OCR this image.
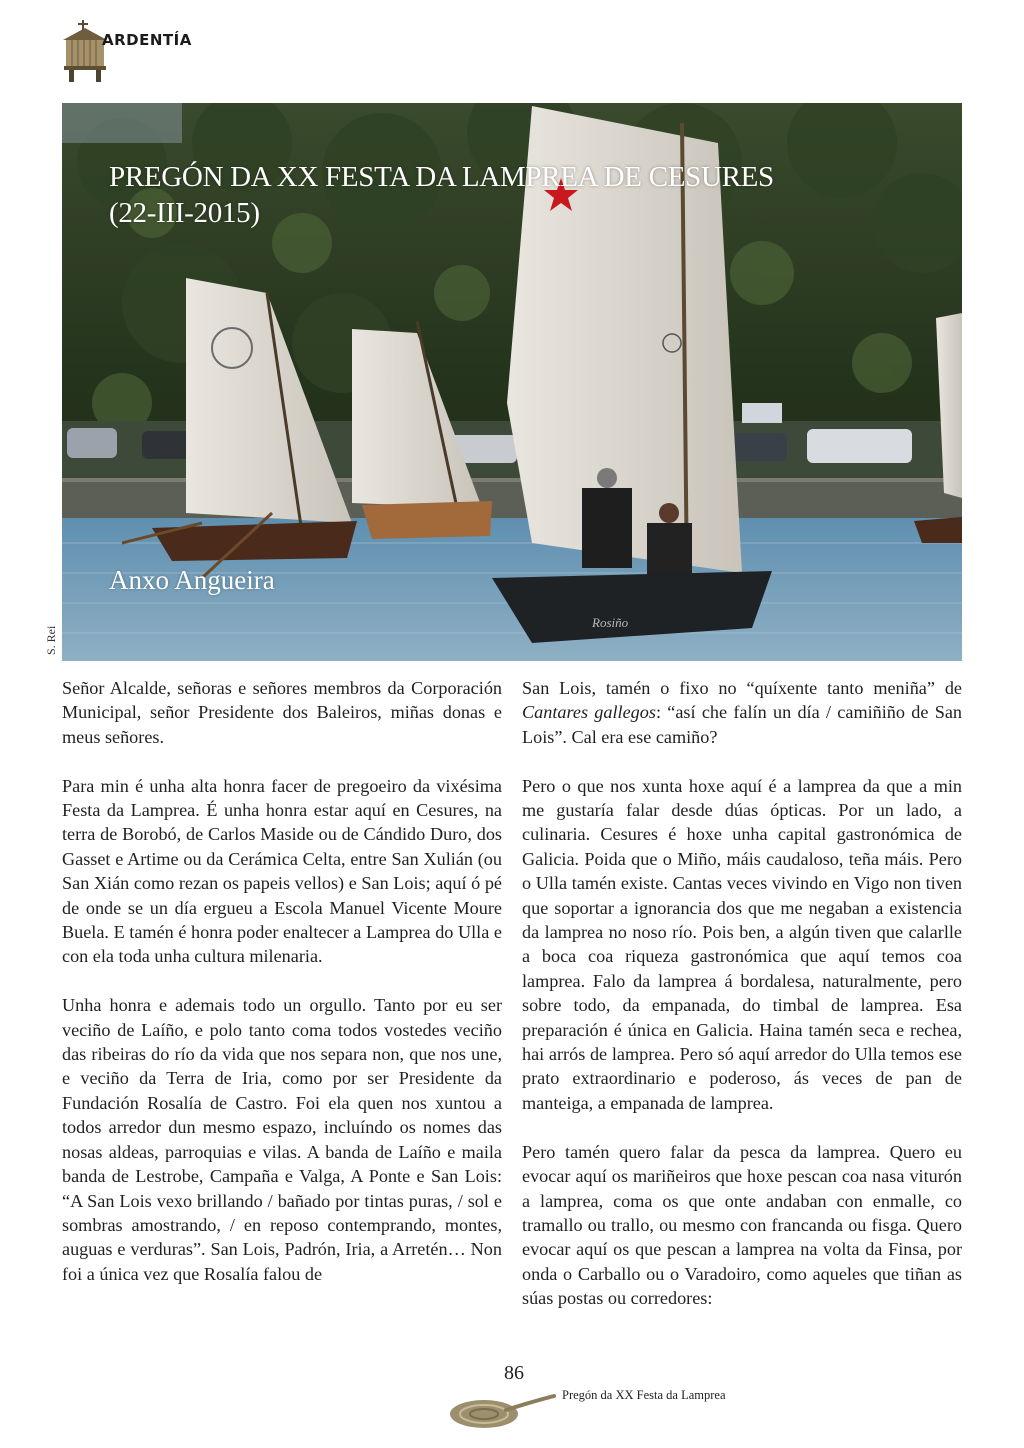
ARDENTÍA
Rosiño
PREGÓN DA XX FESTA DA LAMPREA DE CESURES
(22-III-2015)
Anxo Angueira
S. Rei

Señor Alcalde, señoras e señores membros da Corporación Municipal, señor Presidente dos Baleiros, miñas donas e meus señores.

Para min é unha alta honra facer de pregoeiro da vixésima Festa da Lamprea. É unha honra estar aquí en Cesures, na terra de Borobó, de Carlos Maside ou de Cándido Duro, dos Gasset e Artime ou da Cerámica Celta, entre San Xulián (ou San Xián como rezan os papeis vellos) e San Lois; aquí ó pé de onde se un día ergueu a Escola Manuel Vicente Moure Buela. E tamén é honra poder enaltecer a Lamprea do Ulla e con ela toda unha cultura milenaria.

Unha honra e ademais todo un orgullo. Tanto por eu ser veciño de Laíño, e polo tanto coma todos vostedes veciño das ribeiras do río da vida que nos separa non, que nos une, e veciño da Terra de Iria, como por ser Presidente da Fundación Rosalía de Castro. Foi ela quen nos xuntou a todos arredor dun mesmo espazo, incluíndo os nomes das nosas aldeas, parroquias e vilas. A banda de Laíño e maila banda de Lestrobe, Campaña e Valga, A Ponte e San Lois: “A San Lois vexo brillando / bañado por tintas puras, / sol e sombras amostrando, / en reposo contemprando, montes, auguas e verduras”. San Lois, Padrón, Iria, a Arretén… Non foi a única vez que Rosalía falou de

San Lois, tamén o fixo no “quíxente tanto meniña” de Cantares gallegos: “así che falín un día / camiñiño de San Lois”. Cal era ese camiño?

Pero o que nos xunta hoxe aquí é a lamprea da que a min me gustaría falar desde dúas ópticas. Por un lado, a culinaria. Cesures é hoxe unha capital gastronómica de Galicia. Poida que o Miño, máis caudaloso, teña máis. Pero o Ulla tamén existe. Cantas veces vivindo en Vigo non tiven que soportar a ignorancia dos que me negaban a existencia da lamprea no noso río. Pois ben, a algún tiven que calarlle a boca coa riqueza gastronómica que aquí temos coa lamprea. Falo da lamprea á bordalesa, naturalmente, pero sobre todo, da empanada, do timbal de lamprea. Esa preparación é única en Galicia. Haina tamén seca e rechea, hai arrós de lamprea. Pero só aquí arredor do Ulla temos ese prato extraordinario e poderoso, ás veces de pan de manteiga, a empanada de lamprea.

Pero tamén quero falar da pesca da lamprea. Quero eu evocar aquí os mariñeiros que hoxe pescan coa nasa viturón a lamprea, coma os que onte andaban con enmalle, co tramallo ou trallo, ou mesmo con francanda ou fisga. Quero evocar aquí os que pescan a lamprea na volta da Finsa, por onda o Carballo ou o Varadoiro, como aqueles que tiñan as súas postas ou corredores:

86
Pregón da XX Festa da Lamprea
